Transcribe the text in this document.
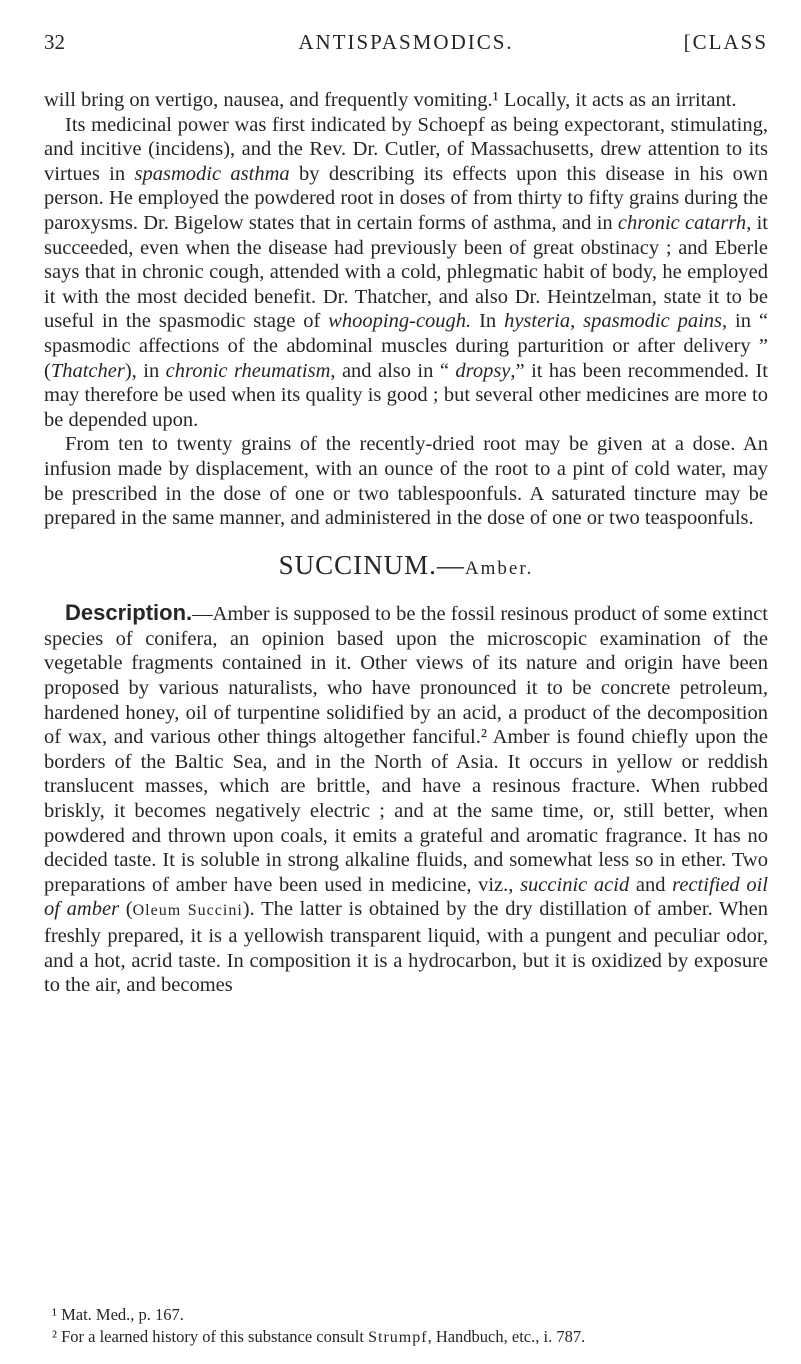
32	ANTISPASMODICS.	[CLASS

will bring on vertigo, nausea, and frequently vomiting.¹ Locally, it acts as an irritant.

Its medicinal power was first indicated by Schoepf as being expectorant, stimulating, and incitive (incidens), and the Rev. Dr. Cutler, of Massachusetts, drew attention to its virtues in spasmodic asthma by describing its effects upon this disease in his own person. He employed the powdered root in doses of from thirty to fifty grains during the paroxysms. Dr. Bigelow states that in certain forms of asthma, and in chronic catarrh, it succeeded, even when the disease had previously been of great obstinacy ; and Eberle says that in chronic cough, attended with a cold, phlegmatic habit of body, he employed it with the most decided benefit. Dr. Thatcher, and also Dr. Heintzelman, state it to be useful in the spasmodic stage of whooping-cough. In hysteria, spasmodic pains, in “ spasmodic affections of the abdominal muscles during parturition or after delivery ” (Thatcher), in chronic rheumatism, and also in “ dropsy,” it has been recommended. It may therefore be used when its quality is good ; but several other medicines are more to be depended upon.

From ten to twenty grains of the recently-dried root may be given at a dose. An infusion made by displacement, with an ounce of the root to a pint of cold water, may be prescribed in the dose of one or two tablespoonfuls. A saturated tincture may be prepared in the same manner, and administered in the dose of one or two teaspoonfuls.

SUCCINUM.—Amber.

Description.—Amber is supposed to be the fossil resinous product of some extinct species of conifera, an opinion based upon the microscopic examination of the vegetable fragments contained in it. Other views of its nature and origin have been proposed by various naturalists, who have pronounced it to be concrete petroleum, hardened honey, oil of turpentine solidified by an acid, a product of the decomposition of wax, and various other things altogether fanciful.² Amber is found chiefly upon the borders of the Baltic Sea, and in the North of Asia. It occurs in yellow or reddish translucent masses, which are brittle, and have a resinous fracture. When rubbed briskly, it becomes negatively electric ; and at the same time, or, still better, when powdered and thrown upon coals, it emits a grateful and aromatic fragrance. It has no decided taste. It is soluble in strong alkaline fluids, and somewhat less so in ether. Two preparations of amber have been used in medicine, viz., succinic acid and rectified oil of amber (Oleum Succini). The latter is obtained by the dry distillation of amber. When freshly prepared, it is a yellowish transparent liquid, with a pungent and peculiar odor, and a hot, acrid taste. In composition it is a hydrocarbon, but it is oxidized by exposure to the air, and becomes

¹ Mat. Med., p. 167.

² For a learned history of this substance consult Strumpf, Handbuch, etc., i. 787.
